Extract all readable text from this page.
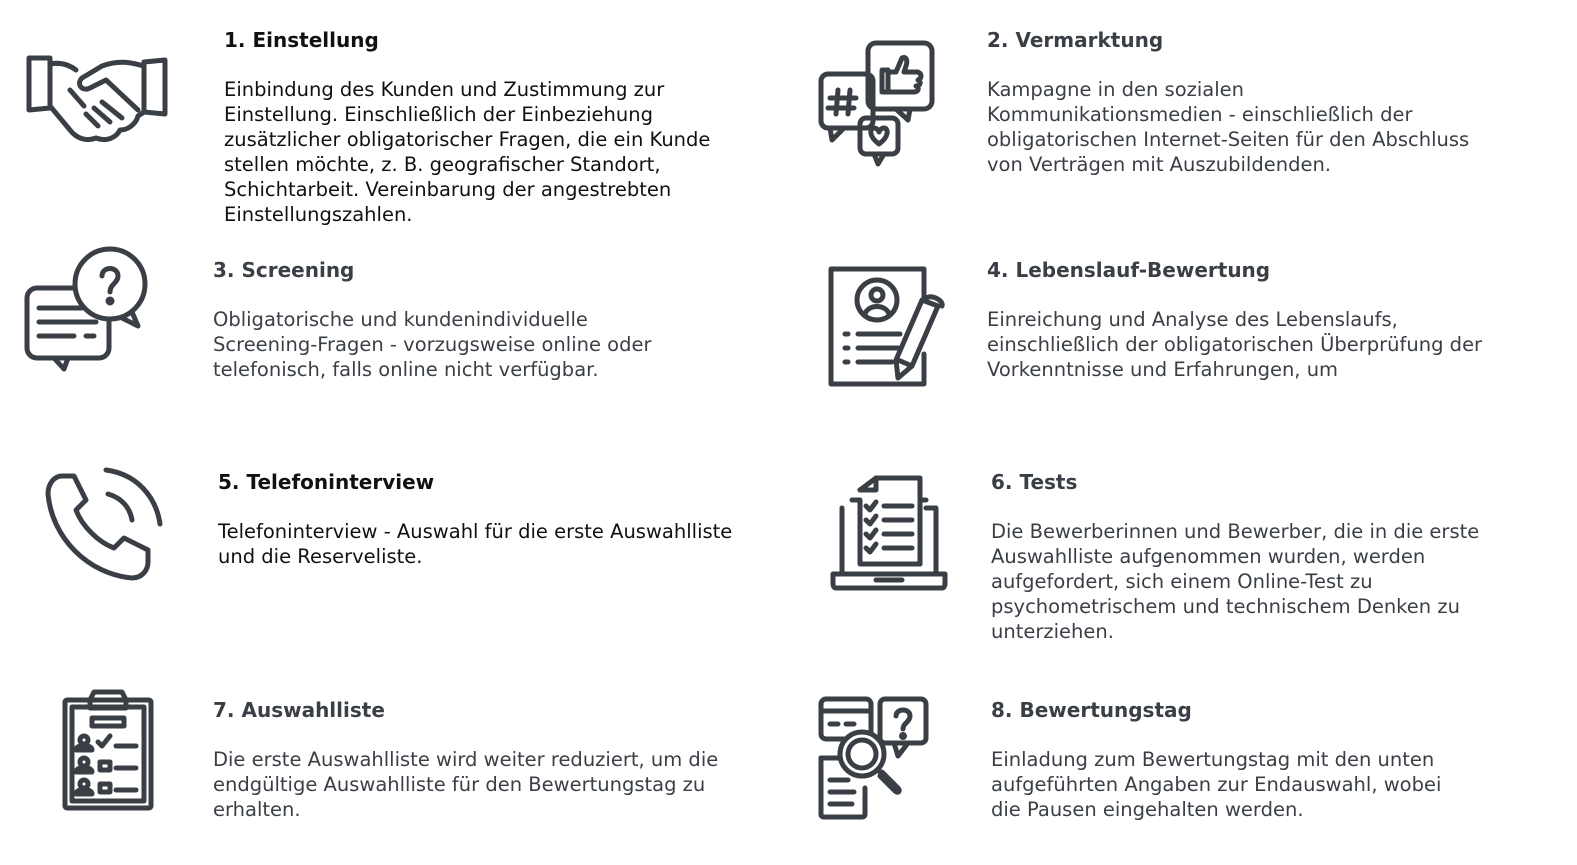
1. Einstellung

Einbindung des Kunden und Zustimmung zur
Einstellung. Einschließlich der Einbeziehung
zusätzlicher obligatorischer Fragen, die ein Kunde
stellen möchte, z. B. geografischer Standort,
Schichtarbeit. Vereinbarung der angestrebten
Einstellungszahlen.

2. Vermarktung

Kampagne in den sozialen
Kommunikationsmedien - einschließlich der
obligatorischen Internet-Seiten für den Abschluss
von Verträgen mit Auszubildenden.

3. Screening

Obligatorische und kundenindividuelle
Screening-Fragen - vorzugsweise online oder
telefonisch, falls online nicht verfügbar.

4. Lebenslauf-Bewertung

Einreichung und Analyse des Lebenslaufs,
einschließlich der obligatorischen Überprüfung der
Vorkenntnisse und Erfahrungen, um

5. Telefoninterview

Telefoninterview - Auswahl für die erste Auswahlliste
und die Reserveliste.

6. Tests

Die Bewerberinnen und Bewerber, die in die erste
Auswahlliste aufgenommen wurden, werden
aufgefordert, sich einem Online-Test zu
psychometrischem und technischem Denken zu
unterziehen.

7. Auswahlliste

Die erste Auswahlliste wird weiter reduziert, um die
endgültige Auswahlliste für den Bewertungstag zu
erhalten.

8. Bewertungstag

Einladung zum Bewertungstag mit den unten
aufgeführten Angaben zur Endauswahl, wobei
die Pausen eingehalten werden.
